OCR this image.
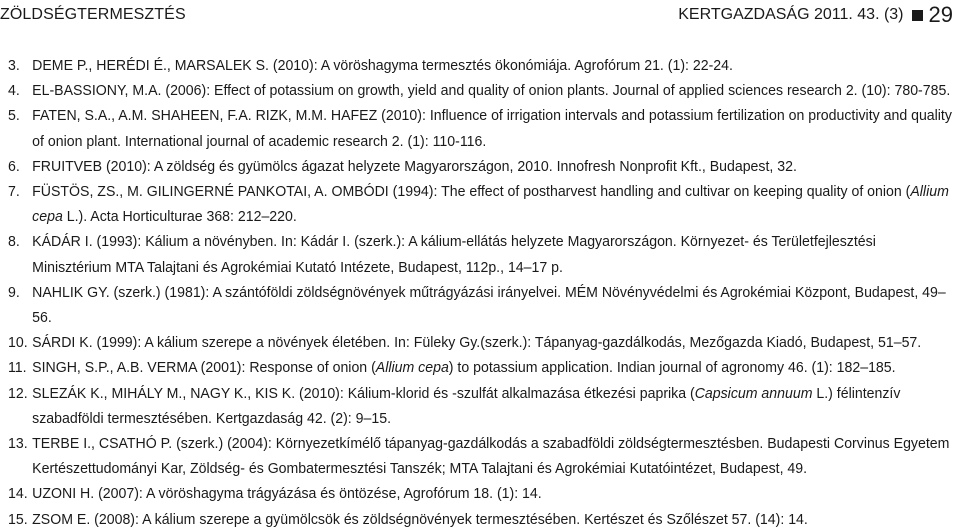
ZÖLDSÉGTERMESZTÉS	KERTGAZDASÁG 2011. 43. (3) 29
3. DEME P., HERÉDI É., MARSALEK S. (2010): A vöröshagyma termesztés ökonómiája. Agrofórum 21. (1): 22-24.
4. EL-BASSIONY, M.A. (2006): Effect of potassium on growth, yield and quality of onion plants. Journal of applied sciences research 2. (10): 780-785.
5. FATEN, S.A., A.M. SHAHEEN, F.A. RIZK, M.M. HAFEZ (2010): Influence of irrigation intervals and potassium fertilization on productivity and quality of onion plant. International journal of academic research 2. (1): 110-116.
6. FRUITVEB (2010): A zöldség és gyümölcs ágazat helyzete Magyarországon, 2010. Innofresh Nonprofit Kft., Budapest, 32.
7. FÜSTÖS, ZS., M. GILINGERNÉ PANKOTAI, A. OMBÓDI (1994): The effect of postharvest handling and cultivar on keeping quality of onion (Allium cepa L.). Acta Horticulturae 368: 212–220.
8. KÁDÁR I. (1993): Kálium a növényben. In: Kádár I. (szerk.): A kálium-ellátás helyzete Magyarországon. Környezet- és Területfejlesztési Minisztérium MTA Talajtani és Agrokémiai Kutató Intézete, Budapest, 112p., 14–17 p.
9. NAHLIK GY. (szerk.) (1981): A szántóföldi zöldségnövények műtrágyázási irányelvei. MÉM Növényvédelmi és Agrokémiai Központ, Budapest, 49–56.
10. SÁRDI K. (1999): A kálium szerepe a növények életében. In: Füleky Gy.(szerk.): Tápanyag-gazdálkodás, Mezőgazda Kiadó, Budapest, 51–57.
11. SINGH, S.P., A.B. VERMA (2001): Response of onion (Allium cepa) to potassium application. Indian journal of agronomy 46. (1): 182–185.
12. SLEZÁK K., MIHÁLY M., NAGY K., KIS K. (2010): Kálium-klorid és -szulfát alkalmazása étkezési paprika (Capsicum annuum L.) félintenzív szabadföldi termesztésében. Kertgazdaság 42. (2): 9–15.
13. TERBE I., CSATHÓ P. (szerk.) (2004): Környezetkímélő tápanyag-gazdálkodás a szabadföldi zöldségtermesztésben. Budapesti Corvinus Egyetem Kertészettudományi Kar, Zöldség- és Gombatermesztési Tanszék; MTA Talajtani és Agrokémiai Kutatóintézet, Budapest, 49.
14. UZONI H. (2007): A vöröshagyma trágyázása és öntözése, Agrofórum 18. (1): 14.
15. ZSOM E. (2008): A kálium szerepe a gyümölcsök és zöldségnövények termesztésében. Kertészet és Szőlészet 57. (14): 14.
